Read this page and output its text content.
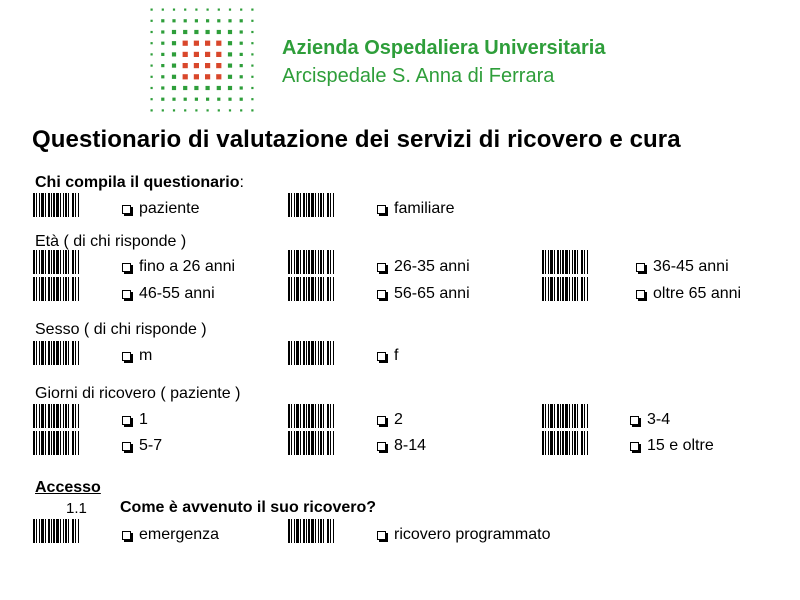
Azienda Ospedaliera Universitaria
Arcispedale S. Anna di Ferrara
Questionario di valutazione dei servizi di ricovero e cura
Chi compila il questionario:
paziente	familiare
Età ( di chi risponde )
fino a 26 anni	26-35 anni	36-45 anni
46-55 anni	56-65 anni	oltre 65 anni
Sesso ( di chi risponde )
m	f
Giorni di ricovero ( paziente )
1	2	3-4
5-7	8-14	15 e oltre
Accesso
1.1 Come è avvenuto il suo ricovero?
emergenza	ricovero programmato
